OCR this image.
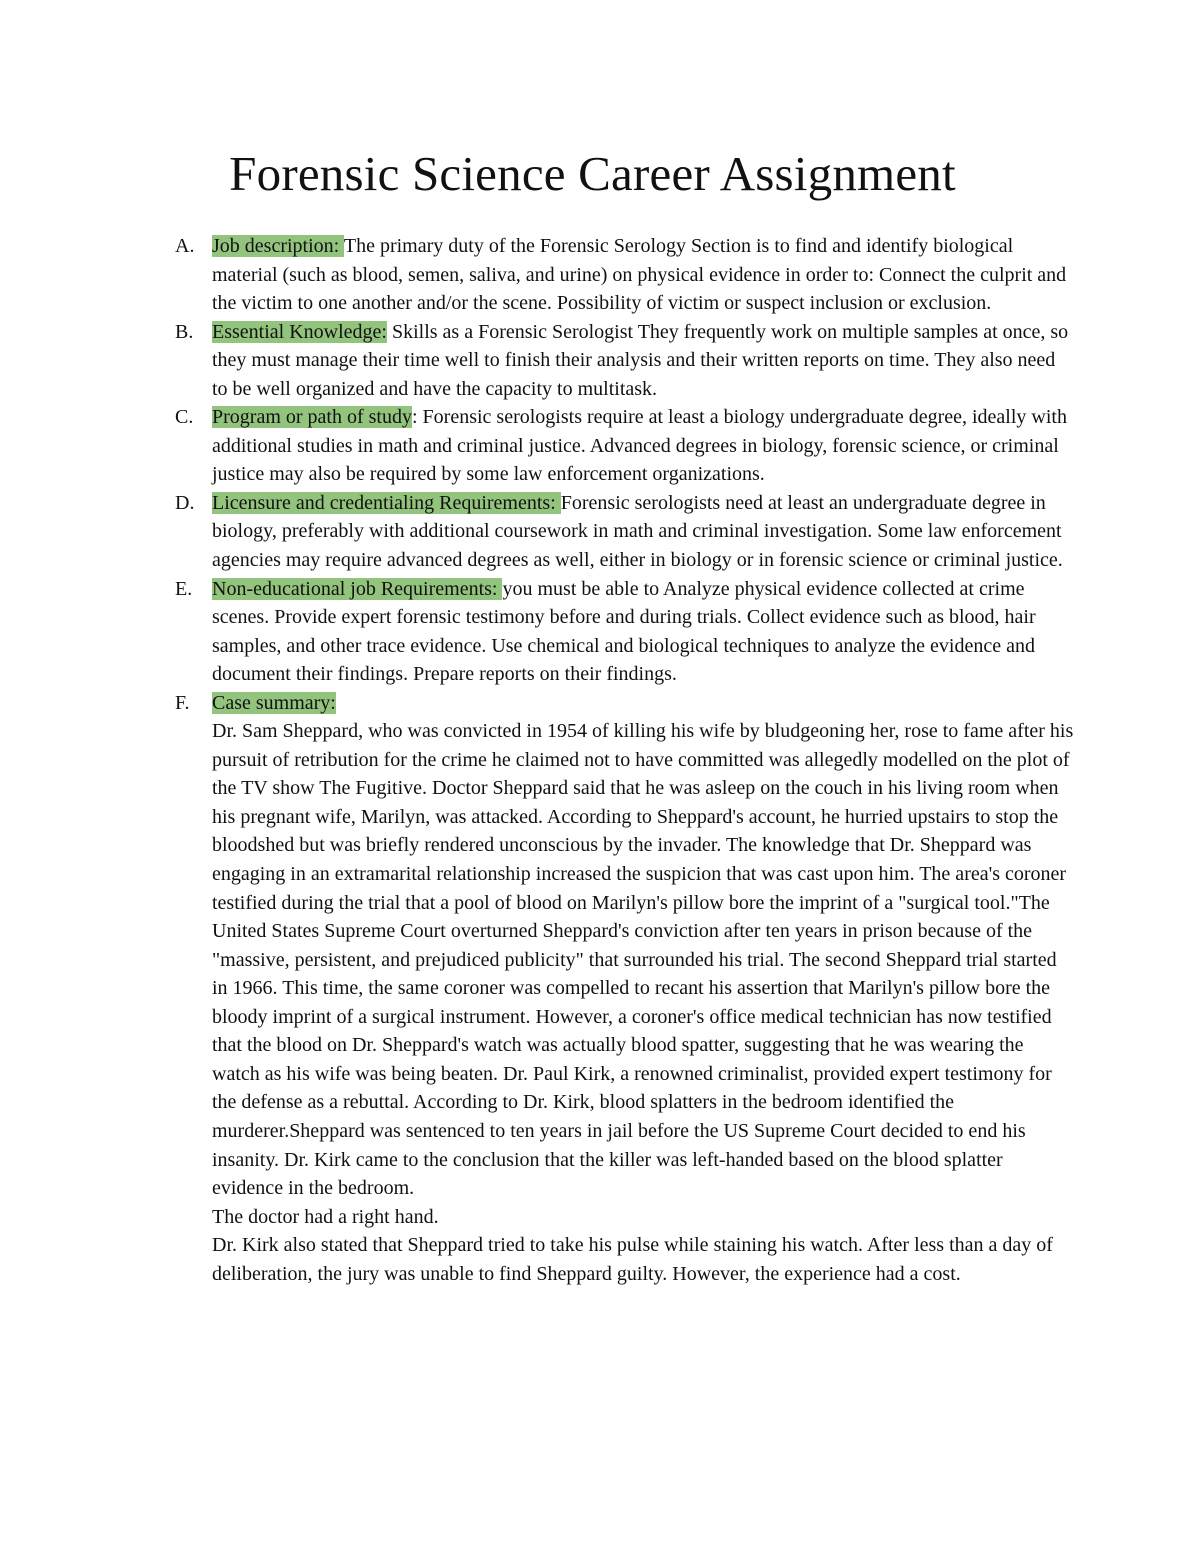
Forensic Science Career Assignment
A. Job description: The primary duty of the Forensic Serology Section is to find and identify biological material (such as blood, semen, saliva, and urine) on physical evidence in order to: Connect the culprit and the victim to one another and/or the scene. Possibility of victim or suspect inclusion or exclusion.
B. Essential Knowledge: Skills as a Forensic Serologist They frequently work on multiple samples at once, so they must manage their time well to finish their analysis and their written reports on time. They also need to be well organized and have the capacity to multitask.
C. Program or path of study: Forensic serologists require at least a biology undergraduate degree, ideally with additional studies in math and criminal justice. Advanced degrees in biology, forensic science, or criminal justice may also be required by some law enforcement organizations.
D. Licensure and credentialing Requirements: Forensic serologists need at least an undergraduate degree in biology, preferably with additional coursework in math and criminal investigation. Some law enforcement agencies may require advanced degrees as well, either in biology or in forensic science or criminal justice.
E. Non-educational job Requirements: you must be able to Analyze physical evidence collected at crime scenes. Provide expert forensic testimony before and during trials. Collect evidence such as blood, hair samples, and other trace evidence. Use chemical and biological techniques to analyze the evidence and document their findings. Prepare reports on their findings.
F.	Case summary:
Dr. Sam Sheppard, who was convicted in 1954 of killing his wife by bludgeoning her, rose to fame after his pursuit of retribution for the crime he claimed not to have committed was allegedly modelled on the plot of the TV show The Fugitive. Doctor Sheppard said that he was asleep on the couch in his living room when his pregnant wife, Marilyn, was attacked. According to Sheppard's account, he hurried upstairs to stop the bloodshed but was briefly rendered unconscious by the invader. The knowledge that Dr. Sheppard was engaging in an extramarital relationship increased the suspicion that was cast upon him. The area's coroner testified during the trial that a pool of blood on Marilyn's pillow bore the imprint of a "surgical tool."The United States Supreme Court overturned Sheppard's conviction after ten years in prison because of the "massive, persistent, and prejudiced publicity" that surrounded his trial. The second Sheppard trial started in 1966. This time, the same coroner was compelled to recant his assertion that Marilyn's pillow bore the bloody imprint of a surgical instrument. However, a coroner's office medical technician has now testified that the blood on Dr. Sheppard's watch was actually blood spatter, suggesting that he was wearing the watch as his wife was being beaten. Dr. Paul Kirk, a renowned criminalist, provided expert testimony for the defense as a rebuttal. According to Dr. Kirk, blood splatters in the bedroom identified the murderer.Sheppard was sentenced to ten years in jail before the US Supreme Court decided to end his insanity. Dr. Kirk came to the conclusion that the killer was left-handed based on the blood splatter evidence in the bedroom.
The doctor had a right hand.
Dr. Kirk also stated that Sheppard tried to take his pulse while staining his watch. After less than a day of deliberation, the jury was unable to find Sheppard guilty. However, the experience had a cost.
